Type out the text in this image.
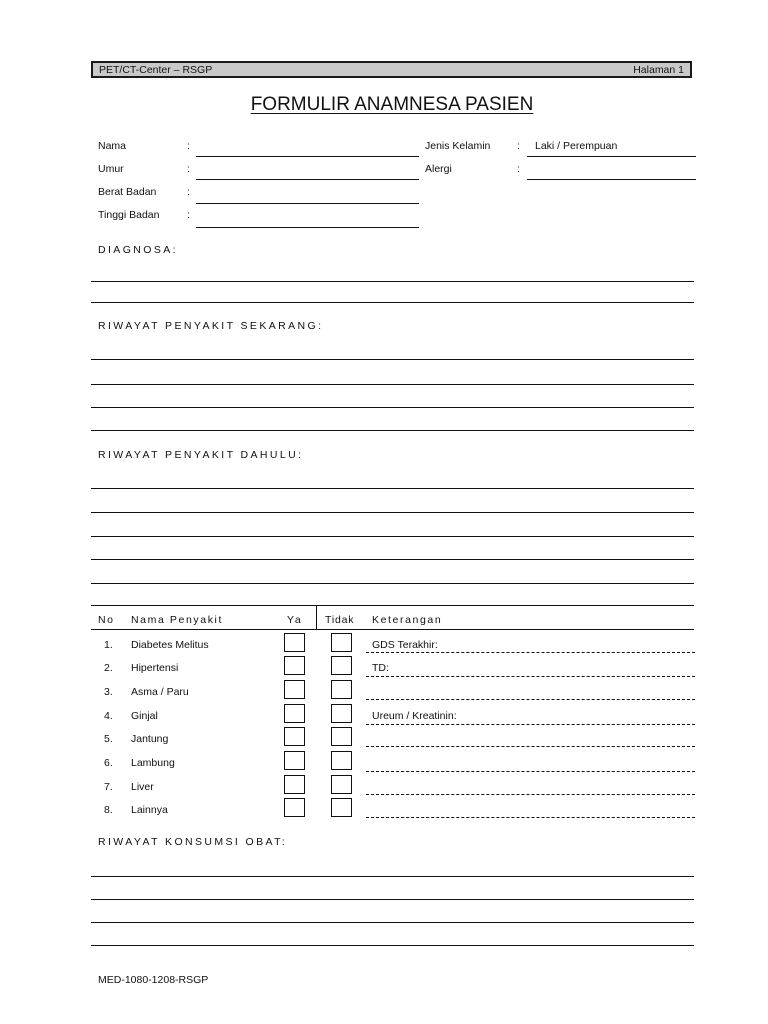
PET/CT-Center – RSGP	Halaman 1
FORMULIR ANAMNESA PASIEN
Nama	:
Umur	:
Berat Badan	:
Tinggi Badan	:
Jenis Kelamin	: Laki / Perempuan
Alergi	:
DIAGNOSA:
RIWAYAT PENYAKIT SEKARANG:
RIWAYAT PENYAKIT DAHULU:
No Nama Penyakit	Ya Tidak Keterangan
1. Diabetes Melitus	GDS Terakhir:
2. Hipertensi	TD:
3. Asma / Paru
4. Ginjal	Ureum / Kreatinin:
5. Jantung
6. Lambung
7. Liver
8. Lainnya
RIWAYAT KONSUMSI OBAT:
MED-1080-1208-RSGP
